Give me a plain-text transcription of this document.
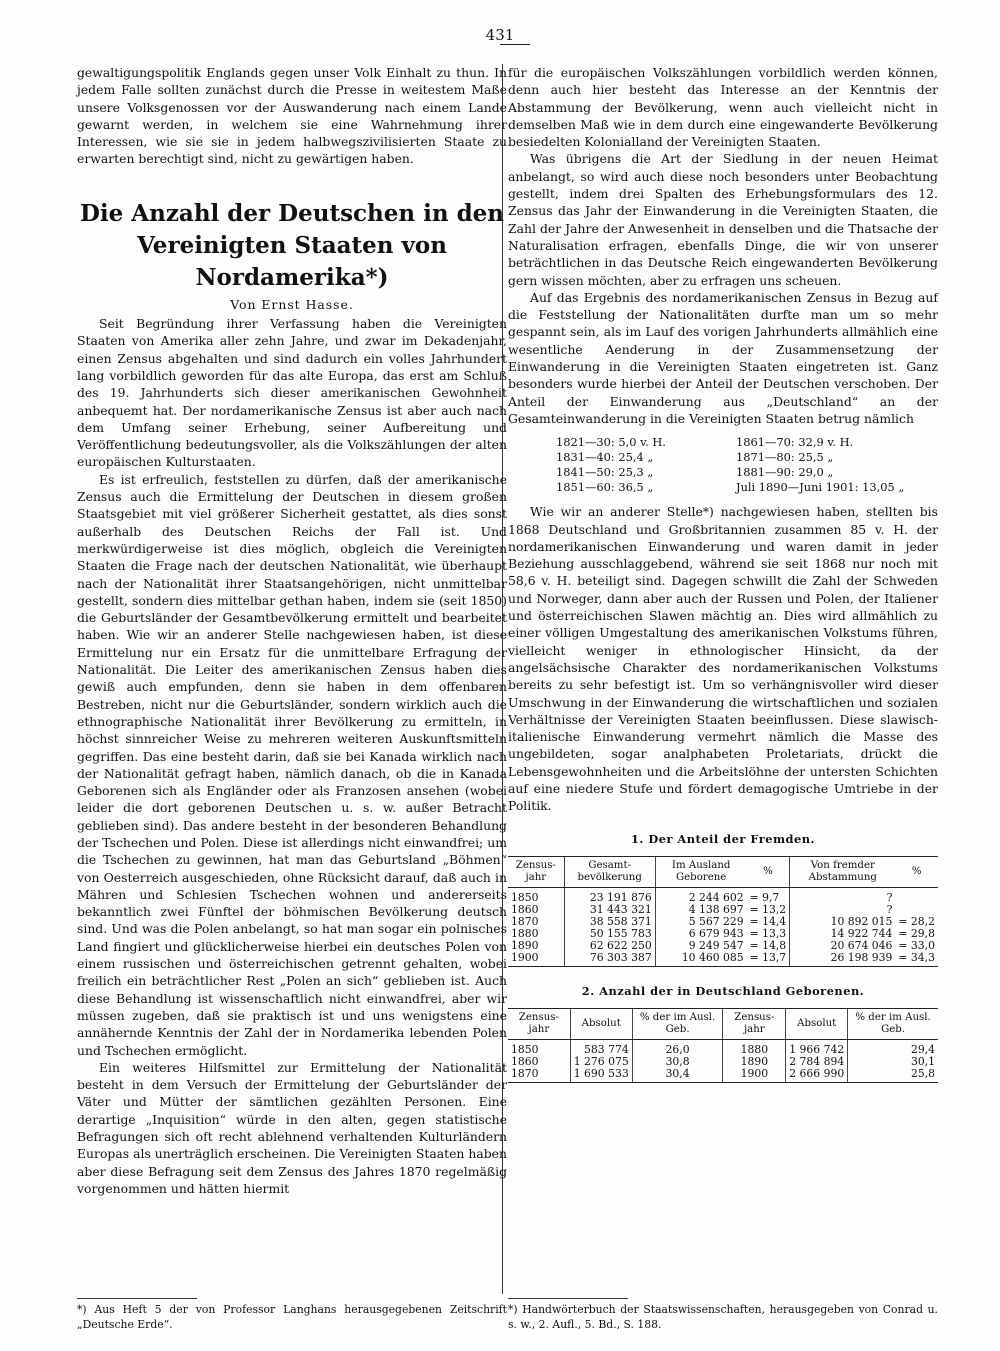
431

gewaltigungspolitik Englands gegen unser Volk Einhalt zu thun. In jedem Falle sollten zunächst durch die Presse in weitestem Maße unsere Volksgenossen vor der Auswanderung nach einem Lande gewarnt werden, in welchem sie eine Wahrnehmung ihrer Interessen, wie sie sie in jedem halbwegszivilisierten Staate zu erwarten berechtigt sind, nicht zu gewärtigen haben.

Die Anzahl der Deutschen in den Vereinigten Staaten von Nordamerika*)
Von Ernst Hasse.

Seit Begründung ihrer Verfassung haben die Vereinigten Staaten von Amerika aller zehn Jahre, und zwar im Dekadenjahr, einen Zensus abgehalten und sind dadurch ein volles Jahrhundert lang vorbildlich geworden für das alte Europa, das erst am Schluß des 19. Jahrhunderts sich dieser amerikanischen Gewohnheit anbequemt hat. Der nordamerikanische Zensus ist aber auch nach dem Umfang seiner Erhebung, seiner Aufbereitung und Veröffentlichung bedeutungsvoller, als die Volkszählungen der alten europäischen Kulturstaaten.

Es ist erfreulich, feststellen zu dürfen, daß der amerikanische Zensus auch die Ermittelung der Deutschen in diesem großen Staatsgebiet mit viel größerer Sicherheit gestattet, als dies sonst außerhalb des Deutschen Reichs der Fall ist. Und merkwürdigerweise ist dies möglich, obgleich die Vereinigten Staaten die Frage nach der deutschen Nationalität, wie überhaupt nach der Nationalität ihrer Staatsangehörigen, nicht unmittelbar gestellt, sondern dies mittelbar gethan haben, indem sie (seit 1850) die Geburtsländer der Gesamtbevölkerung ermittelt und bearbeitet haben. Wie wir an anderer Stelle nachgewiesen haben, ist diese Ermittelung nur ein Ersatz für die unmittelbare Erfragung der Nationalität. Die Leiter des amerikanischen Zensus haben dies gewiß auch empfunden, denn sie haben in dem offenbaren Bestreben, nicht nur die Geburtsländer, sondern wirklich auch die ethnographische Nationalität ihrer Bevölkerung zu ermitteln, in höchst sinnreicher Weise zu mehreren weiteren Auskunftsmitteln gegriffen. Das eine besteht darin, daß sie bei Kanada wirklich nach der Nationalität gefragt haben, nämlich danach, ob die in Kanada Geborenen sich als Engländer oder als Franzosen ansehen (wobei leider die dort geborenen Deutschen u. s. w. außer Betracht geblieben sind). Das andere besteht in der besonderen Behandlung der Tschechen und Polen. Diese ist allerdings nicht einwandfrei; um die Tschechen zu gewinnen, hat man das Geburtsland „Böhmen“ von Oesterreich ausgeschieden, ohne Rücksicht darauf, daß auch in Mähren und Schlesien Tschechen wohnen und andererseits bekanntlich zwei Fünftel der böhmischen Bevölkerung deutsch sind. Und was die Polen anbelangt, so hat man sogar ein polnisches Land fingiert und glücklicherweise hierbei ein deutsches Polen von einem russischen und österreichischen getrennt gehalten, wobei freilich ein beträchtlicher Rest „Polen an sich“ geblieben ist. Auch diese Behandlung ist wissenschaftlich nicht einwandfrei, aber wir müssen zugeben, daß sie praktisch ist und uns wenigstens eine annähernde Kenntnis der Zahl der in Nordamerika lebenden Polen und Tschechen ermöglicht.

Ein weiteres Hilfsmittel zur Ermittelung der Nationalität besteht in dem Versuch der Ermittelung der Geburtsländer der Väter und Mütter der sämtlichen gezählten Personen. Eine derartige „Inquisition“ würde in den alten, gegen statistische Befragungen sich oft recht ablehnend verhaltenden Kulturländern Europas als unerträglich erscheinen. Die Vereinigten Staaten haben aber diese Befragung seit dem Zensus des Jahres 1870 regelmäßig vorgenommen und hätten hiermit

für die europäischen Volkszählungen vorbildlich werden können, denn auch hier besteht das Interesse an der Kenntnis der Abstammung der Bevölkerung, wenn auch vielleicht nicht in demselben Maß wie in dem durch eine eingewanderte Bevölkerung besiedelten Kolonialland der Vereinigten Staaten.

Was übrigens die Art der Siedlung in der neuen Heimat anbelangt, so wird auch diese noch besonders unter Beobachtung gestellt, indem drei Spalten des Erhebungsformulars des 12. Zensus das Jahr der Einwanderung in die Vereinigten Staaten, die Zahl der Jahre der Anwesenheit in denselben und die Thatsache der Naturalisation erfragen, ebenfalls Dinge, die wir von unserer beträchtlichen in das Deutsche Reich eingewanderten Bevölkerung gern wissen möchten, aber zu erfragen uns scheuen.

Auf das Ergebnis des nordamerikanischen Zensus in Bezug auf die Feststellung der Nationalitäten durfte man um so mehr gespannt sein, als im Lauf des vorigen Jahrhunderts allmählich eine wesentliche Aenderung in der Zusammensetzung der Einwanderung in die Vereinigten Staaten eingetreten ist. Ganz besonders wurde hierbei der Anteil der Deutschen verschoben. Der Anteil der Einwanderung aus „Deutschland“ an der Gesamteinwanderung in die Vereinigten Staaten betrug nämlich

1821—30: 5,0 v. H.	1861—70: 32,9 v. H.
1831—40: 25,4 „	1871—80: 25,5 „
1841—50: 25,3 „	1881—90: 29,0 „
1851—60: 36,5 „	Juli 1890—Juni 1901: 13,05 „

Wie wir an anderer Stelle*) nachgewiesen haben, stellten bis 1868 Deutschland und Großbritannien zusammen 85 v. H. der nordamerikanischen Einwanderung und waren damit in jeder Beziehung ausschlaggebend, während sie seit 1868 nur noch mit 58,6 v. H. beteiligt sind. Dagegen schwillt die Zahl der Schweden und Norweger, dann aber auch der Russen und Polen, der Italiener und österreichischen Slawen mächtig an. Dies wird allmählich zu einer völligen Umgestaltung des amerikanischen Volkstums führen, vielleicht weniger in ethnologischer Hinsicht, da der angelsächsische Charakter des nordamerikanischen Volkstums bereits zu sehr befestigt ist. Um so verhängnisvoller wird dieser Umschwung in der Einwanderung die wirtschaftlichen und sozialen Verhältnisse der Vereinigten Staaten beeinflussen. Diese slawisch-italienische Einwanderung vermehrt nämlich die Masse des ungebildeten, sogar analphabeten Proletariats, drückt die Lebensgewohnheiten und die Arbeitslöhne der untersten Schichten auf eine niedere Stufe und fördert demagogische Umtriebe in der Politik.

1. Der Anteil der Fremden.
Zensus-jahr	Gesamt-bevölkerung	Im Ausland Geborene	%	Von fremder Abstammung	%
1850	23 191 876	2 244 602	= 9,7	?	
1860	31 443 321	4 138 697	= 13,2	?	
1870	38 558 371	5 567 229	= 14,4	10 892 015	= 28,2
1880	50 155 783	6 679 943	= 13,3	14 922 744	= 29,8
1890	62 622 250	9 249 547	= 14,8	20 674 046	= 33,0
1900	76 303 387	10 460 085	= 13,7	26 198 939	= 34,3
2. Anzahl der in Deutschland Geborenen.
Zensus-jahr	Absolut	% der im Ausl. Geb.	Zensus-jahr	Absolut	% der im Ausl. Geb.
1850	583 774	26,0	1880	1 966 742	29,4
1860	1 276 075	30,8	1890	2 784 894	30,1
1870	1 690 533	30,4	1900	2 666 990	25,8
*) Aus Heft 5 der von Professor Langhans herausgegebenen Zeitschrift „Deutsche Erde“.
*) Handwörterbuch der Staatswissenschaften, herausgegeben von Conrad u. s. w., 2. Aufl., 5. Bd., S. 188.
